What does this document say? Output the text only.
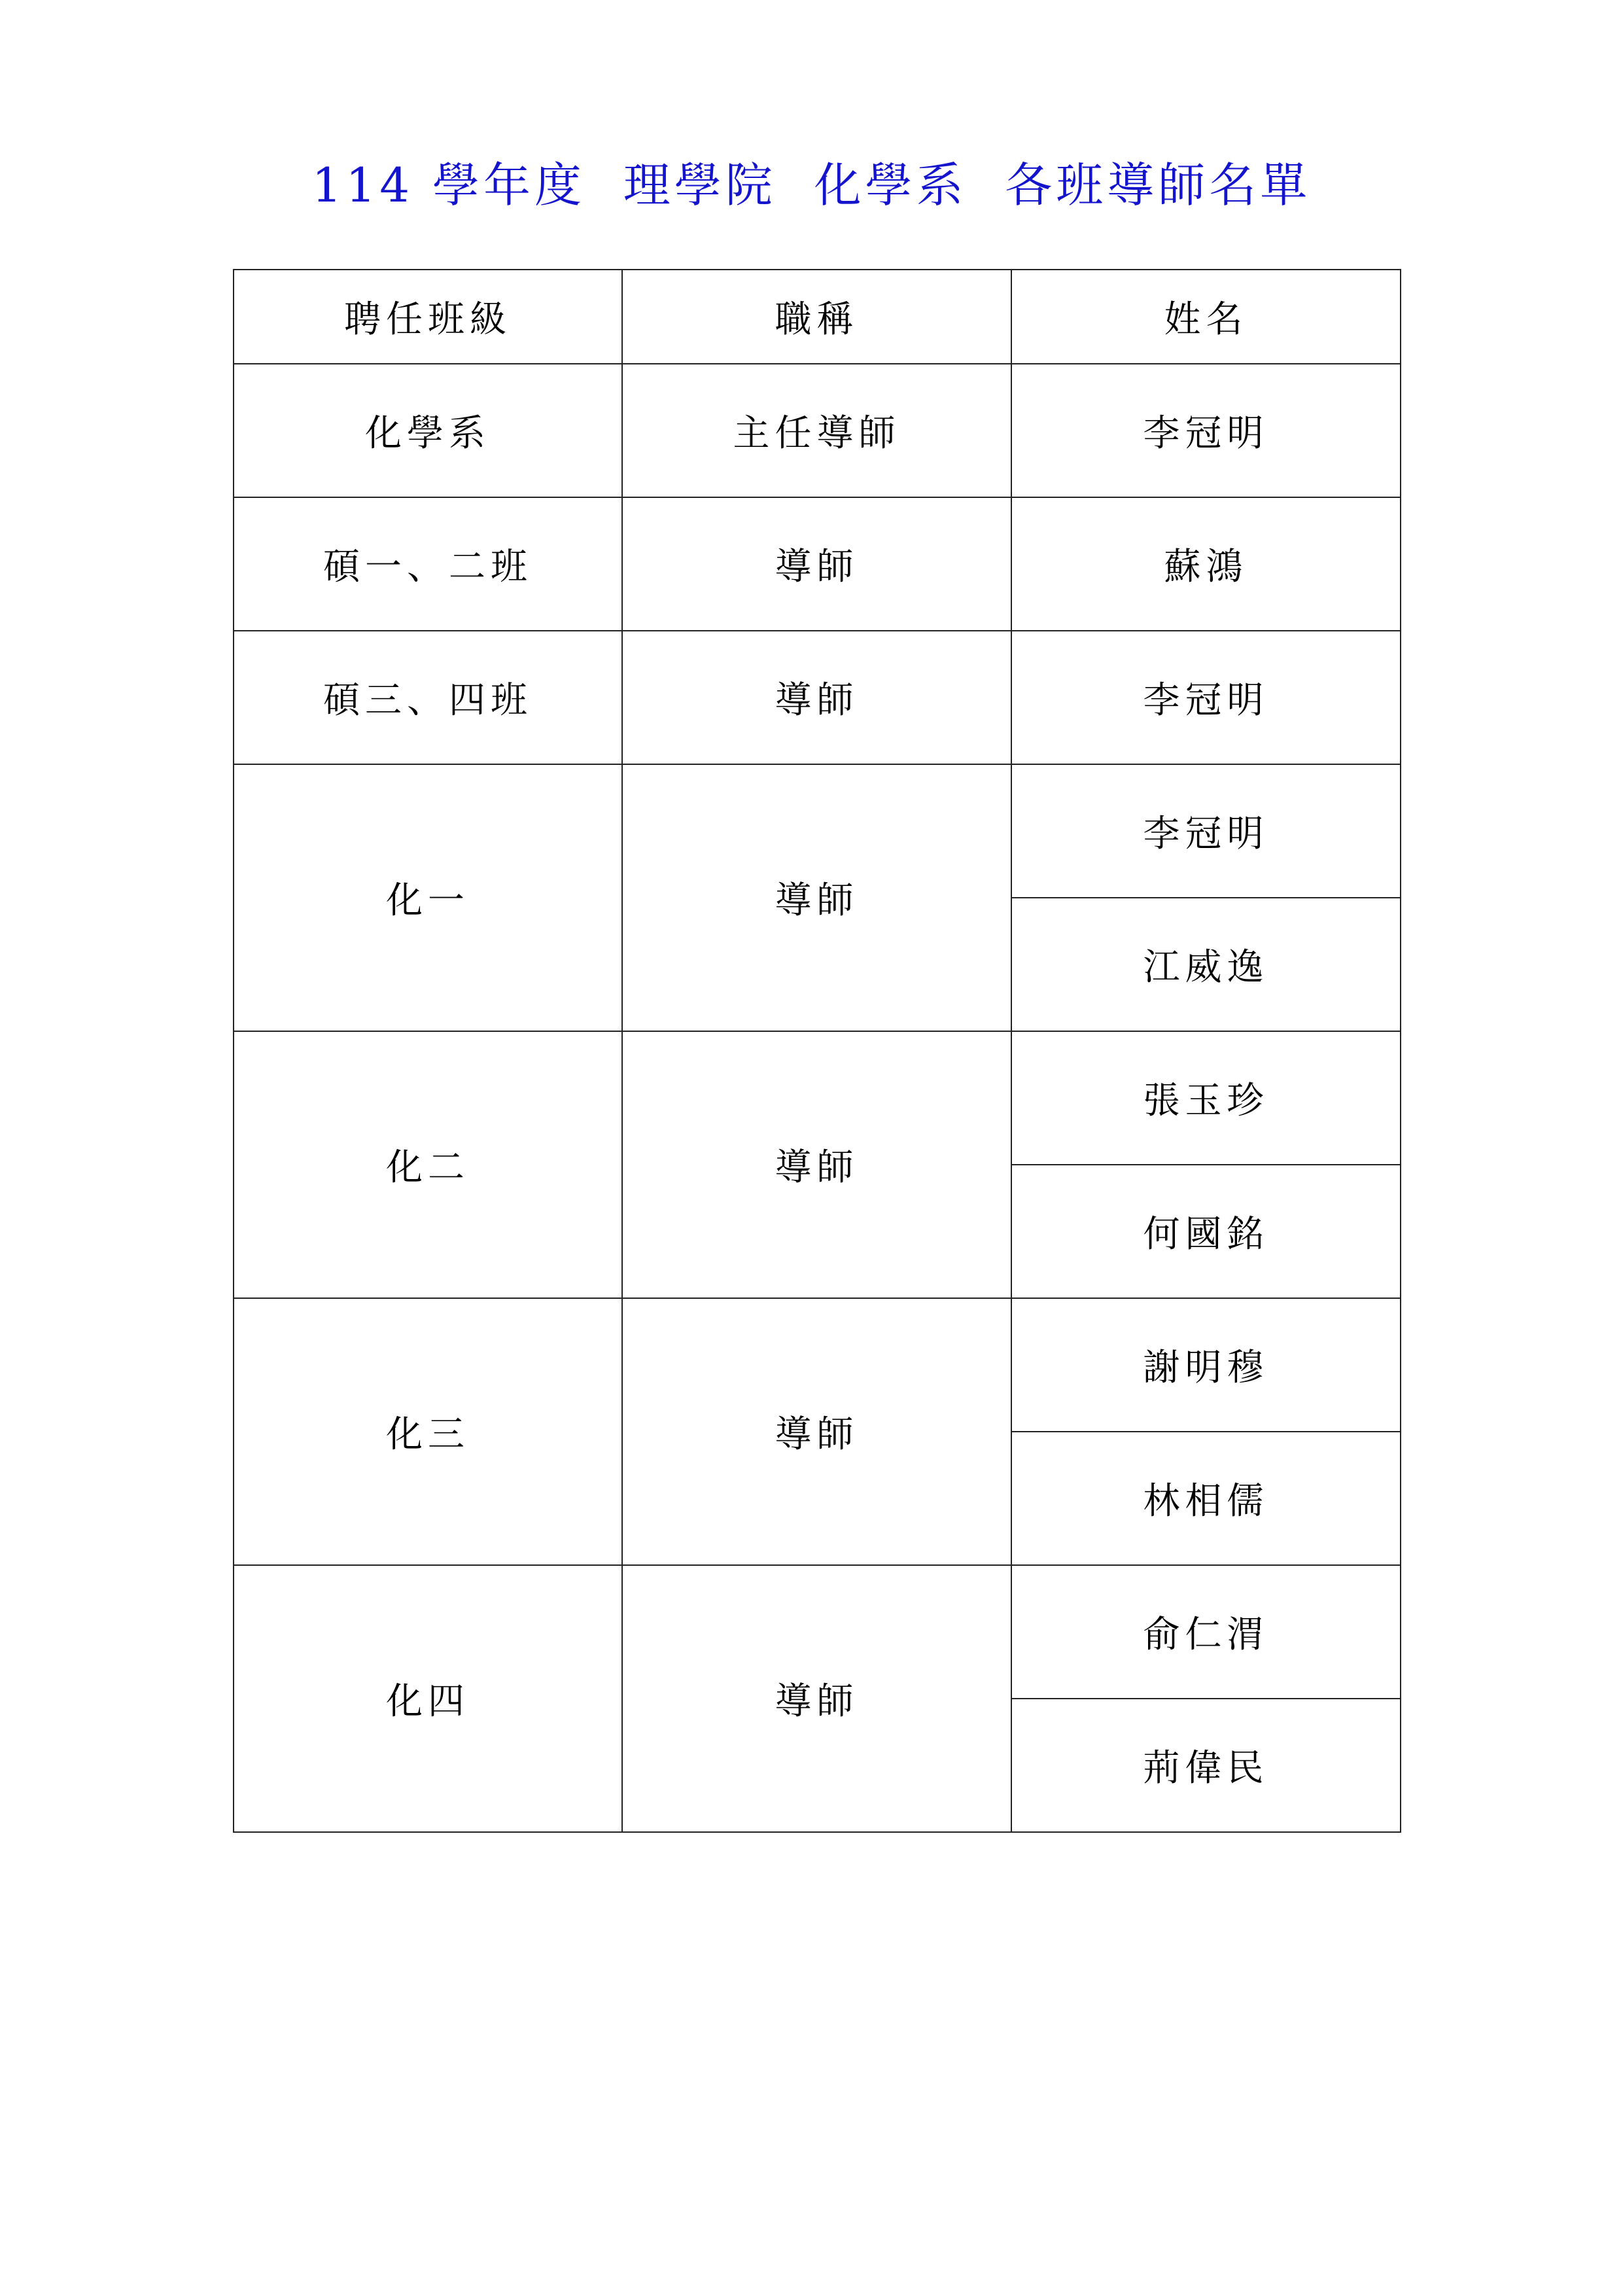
114 學年度  理學院  化學系  各班導師名單
聘任班級	職稱	姓名
化學系	主任導師	李冠明
碩一、二班	導師	蘇鴻
碩三、四班	導師	李冠明
化一	導師	李冠明
		江威逸
化二	導師	張玉珍
		何國銘
化三	導師	謝明穆
		林相儒
化四	導師	俞仁渭
		荊偉民
